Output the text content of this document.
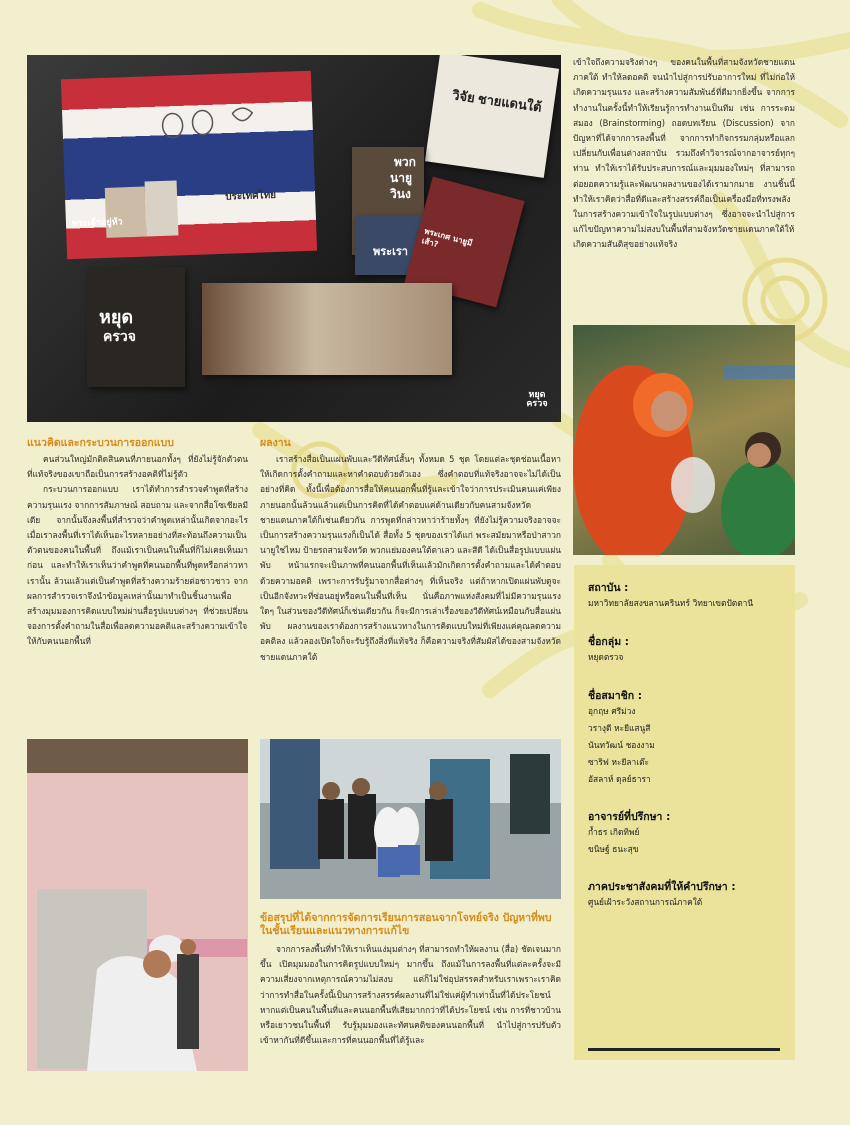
พระเจ้าอยู่หัว
ประเทศไทย
วิจัย ชายแดนใต้
พวก
นายู
วินง
พระเรา
พระเกศ นายูมีเส้า?
หยุด
ครวจ
หยุด ครวจ

เข้าใจถึงความจริงต่างๆ ของคนในพื้นที่สามจังหวัดชายแดนภาคใต้ ทำให้ลดอคติ จนนำไปสู่การปรับอาการใหม่ ที่ไม่ก่อให้เกิดความรุนแรง และสร้างความสัมพันธ์ที่ดีมากยิ่งขึ้น จากการทำงานในครั้งนี้ทำให้เรียนรู้การทำงานเป็นทีม เช่น การระดมสมอง (Brainstorming) ถอดบทเรียน (Discussion) จากปัญหาที่ได้จากการลงพื้นที่ จากการทำกิจกรรมกลุ่มหรือแลกเปลี่ยนกับเพื่อนต่างสถาบัน รวมถึงคำวิจารณ์จากอาจารย์ทุกๆ ท่าน ทำให้เราได้รับประสบการณ์และมุมมองใหม่ๆ ที่สามารถต่อยอดความรู้และพัฒนาผลงานของได้เรามากมาย งานชิ้นนี้ทำให้เราคิดว่าสื่อที่ดีและสร้างสรรค์ถือเป็นเครื่องมือที่ทรงพลังในการสร้างความเข้าใจในรูปแบบต่างๆ ซึ่งอาจจะนำไปสู่การแก้ไขปัญหาความไม่สงบในพื้นที่สามจังหวัดชายแดนภาคใต้ให้เกิดความสันติสุขอย่างแท้จริง

แนวคิดและกระบวนการออกแบบ

คนส่วนใหญ่มักติดสินคนที่ภายนอกทั้งๆ ที่ยังไม่รู้จักตัวตนที่แท้จริงของเขาถือเป็นการสร้างอคติที่ไม่รู้ตัว

กระบวนการออกแบบ เราได้ทำการสำรวจคำพูดที่สร้างความรุนแรง จากการสัมภาษณ์ สอบถาม และจากสื่อโซเชียลมีเดีย จากนั้นจึงลงพื้นที่สำรวจว่าคำพูดเหล่านั้นเกิดจากอะไร เมื่อเราลงพื้นที่เราได้เห็นอะไรหลายอย่างที่สะท้อนถึงความเป็นตัวตนของคนในพื้นที่ ถึงแม้เราเป็นคนในพื้นที่ก็ไม่เคยเห็นมาก่อน และทำให้เราเห็นว่าคำพูดที่คนนอกพื้นที่พูดหรือกล่าวหาเรานั้น ล้วนแล้วแต่เป็นคำพูดที่สร้างความร้ายต่อชาวชาว จากผลการสำรวจเราจึงนำข้อมูลเหล่านั้นมาทำเป็นชิ้นงานเพื่อสร้างมุมมองการคิดแบบใหม่ผ่านสื่อรูปแบบต่างๆ ที่ช่วยเปลี่ยนจองการตั้งคำถามในสื่อเพื่อลดความอคติและสร้างความเข้าใจให้กับคนนอกพื้นที่

ผลงาน

เราสร้างสื่อเป็นแผ่นพับและวีดีทัศน์สั้นๆ ทั้งหมด 5 ชุด โดยแต่ละชุดช่อนเนื้อหาให้เกิดการตั้งคำถามและหาคำตอบด้วยตัวเอง ซึ่งคำตอบที่แท้จริงอาจจะไม่ได้เป็นอย่างที่คิด ทั้งนี้เพื่อต้องการสื่อให้คนนอกพื้นที่รู้และเข้าใจว่าการประเมินคนแค่เพียงภายนอกนั้นล้วนแล้วแต่เป็นการคิดที่ได้คำตอบแค่ด้านเดียวกับคนสามจังหวัดชายแดนภาคใต้ก็เช่นเดียวกัน การพูดที่กล่าวหาว่าร้ายทั้งๆ ที่ยังไม่รู้ความจริงอาจจะเป็นการสร้างความรุนแรงก็เป็นได้ สื่อทั้ง 5 ชุดของเราได้แก่ พระสมัยมาหรือป่าสาวกนายูใช่ไหม ป้ายรถสามจังหวัด พวกแย่มองคนใต้ตาเลว และสีดี ได้เป็นสื่อรูปแบบแผ่นพับ หน้าแรกจะเป็นภาพที่คนนอกพื้นที่เห็นแล้วมักเกิดการตั้งคำถามและได้คำตอบด้วยความอคติ เพราะการรับรู้มาจากสื่อต่างๆ ที่เห็นจริง แต่ถ้าหากเปิดแผ่นพับดูจะเป็นอีกจังหวะที่ซ่อนอยู่หรือคนในพื้นที่เห็น นั่นคือภาพแห่งสังคมที่ไม่มีความรุนแรงใดๆ ในส่วนของวีดีทัศน์ก็เช่นเดียวกัน ก็จะมีการเล่าเรื่องของวีดีทัศน์เหมือนกับสื่อแผ่นพับ ผลงานของเราต้องการสร้างแนวทางในการคิดแบบใหม่ที่เพียงแค่คุณลดความอคติลง แล้วลองเปิดใจก็จะรับรู้ถึงสิ่งที่แท้จริง ก็คือความจริงที่สัมผัสได้ของสามจังหวัดชายแดนภาคใต้

ข้อสรุปที่ได้จากการจัดการเรียนการสอนจากโจทย์จริง ปัญหาที่พบในชั้นเรียนและแนวทางการแก้ไข

จากการลงพื้นที่ทำให้เราเห็นแง่มุมต่างๆ ที่สามารถทำให้ผลงาน (สื่อ) ชัดเจนมากขึ้น เปิดมุมมองในการคิดรูปแบบใหม่ๆ มากขึ้น ถึงแม้ในการลงพื้นที่แต่ละครั้งจะมีความเสี่ยงจากเหตุการณ์ความไม่สงบ แต่ก็ไม่ใช่อุปสรรคสำหรับเราเพราะเราคิดว่าการทำสื่อในครั้งนี้เป็นการสร้างสรรค์ผลงานที่ไม่ใช่แค่ผู้ทำเท่านั้นที่ได้ประโยชน์ หากแต่เป็นคนในพื้นที่และคนนอกพื้นที่เสียมากกว่าที่ได้ประโยชน์ เช่น การที่ชาวบ้านหรือเยาวชนในพื้นที่ รับรู้มุมมองและทัศนคติของคนนอกพื้นที่ นำไปสู่การปรับตัวเข้าหากันที่ดีขึ้นและการที่คนนอกพื้นที่ได้รู้และ

สถาบัน :
มหาวิทยาลัยสงขลานครินทร์ วิทยาเขตปัตตานี
ชื่อกลุ่ม :
หยุดตรวจ
ชื่อสมาชิก :
อุกฤษ ศรีม่วง
วรางุดี หะยีแสนูสี
นันทวัฒน์ ชองงาม
ซาริฟ หะยีลาเต๊ะ
อัสลาห์ ดุลย์ธารา
อาจารย์ที่ปรึกษา :
ก้ำธร เกิดทิพย์
ขนิษฐ์ ธนะสุข
ภาคประชาสังคมที่ให้คำปรึกษา :
ศูนย์เฝ้าระวังสถานการณ์ภาคใต้
